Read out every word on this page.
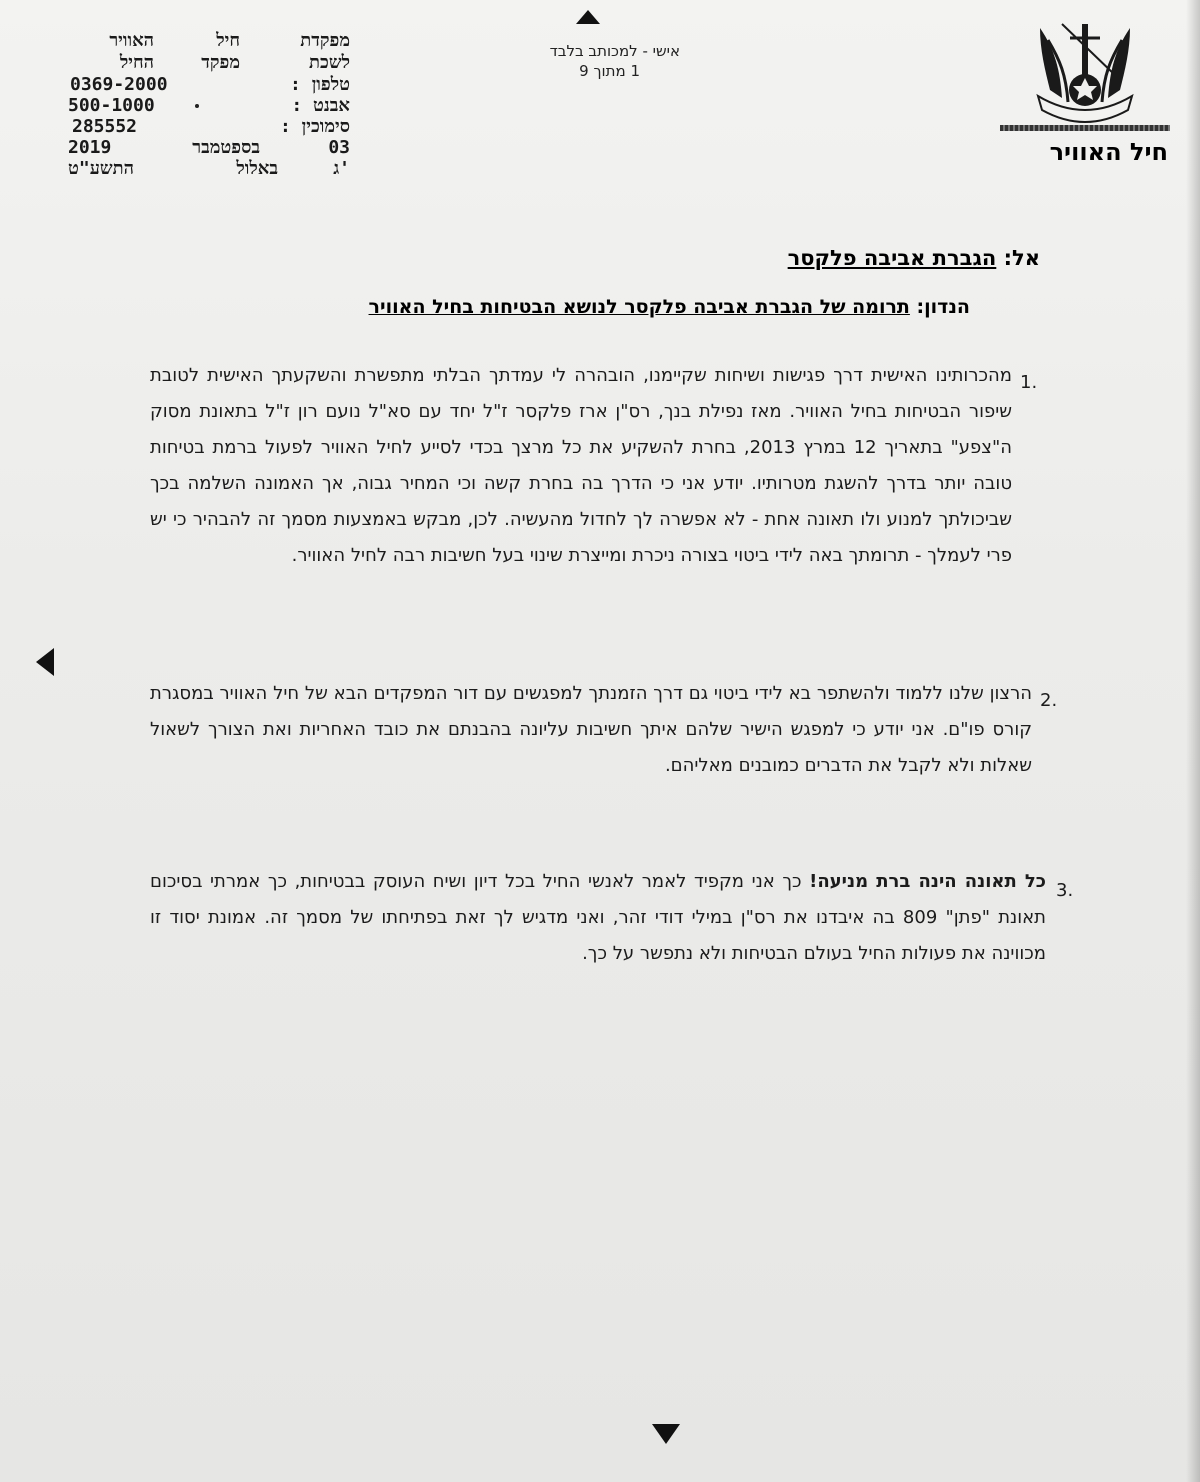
מפקדת
חיל
האוויר
לשכת
מפקד
החיל
טלפון :
0369-2000
אבנט :
500-1000
סימוכין :
285552
03
בספטמבר
2019
ג'
באלול
התשע"ט
אישי - למכותב בלבד
1 מתוך 9
חיל האוויר
אל: הגברת אביבה פלקסר
הנדון: תרומה של הגברת אביבה פלקסר לנושא הבטיחות בחיל האוויר
1.
מהכרותינו האישית דרך פגישות ושיחות שקיימנו, הובהרה לי עמדתך הבלתי מתפשרת והשקעתך האישית לטובת שיפור הבטיחות בחיל האוויר. מאז נפילת בנך, רס"ן ארז פלקסר ז"ל יחד עם סא"ל נועם רון ז"ל בתאונת מסוק ה"צפע" בתאריך 12 במרץ 2013, בחרת להשקיע את כל מרצך בכדי לסייע לחיל האוויר לפעול ברמת בטיחות טובה יותר בדרך להשגת מטרותיו. יודע אני כי הדרך בה בחרת קשה וכי המחיר גבוה, אך האמונה השלמה בכך שביכולתך למנוע ולו תאונה אחת - לא אפשרה לך לחדול מהעשיה. לכן, מבקש באמצעות מסמך זה להבהיר כי יש פרי לעמלך - תרומתך באה לידי ביטוי בצורה ניכרת ומייצרת שינוי בעל חשיבות רבה לחיל האוויר.
2.
הרצון שלנו ללמוד ולהשתפר בא לידי ביטוי גם דרך הזמנתך למפגשים עם דור המפקדים הבא של חיל האוויר במסגרת קורס פו"ם. אני יודע כי למפגש הישיר שלהם איתך חשיבות עליונה בהבנתם את כובד האחריות ואת הצורך לשאול שאלות ולא לקבל את הדברים כמובנים מאליהם.
3.
כל תאונה הינה ברת מניעה! כך אני מקפיד לאמר לאנשי החיל בכל דיון ושיח העוסק בבטיחות, כך אמרתי בסיכום תאונת "פתן" 809 בה איבדנו את רס"ן במילי דודי זהר, ואני מדגיש לך זאת בפתיחתו של מסמך זה. אמונת יסוד זו מכווינה את פעולות החיל בעולם הבטיחות ולא נתפשר על כך.
